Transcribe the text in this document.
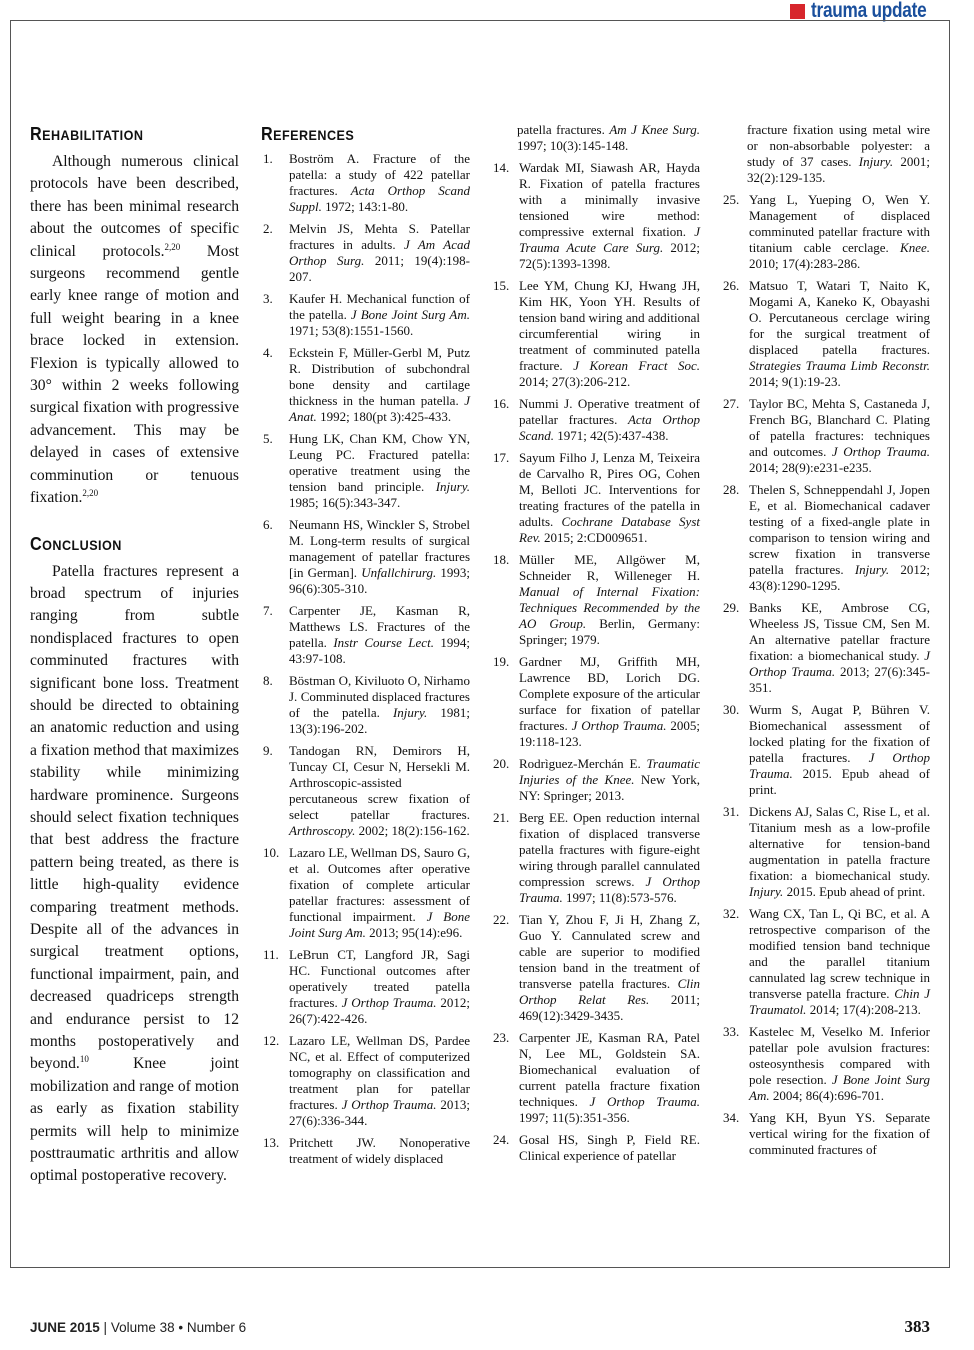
trauma update
REHABILITATION

Although numerous clinical protocols have been described, there has been minimal research about the outcomes of specific clinical protocols.$^{2,20}$ Most surgeons recommend gentle early knee range of motion and full weight bearing in a knee brace locked in extension. Flexion is typically allowed to 30° within 2 weeks following surgical fixation with progressive advancement. This may be delayed in cases of extensive comminution or tenuous fixation.$^{2,20}$

CONCLUSION

Patella fractures represent a broad spectrum of injuries ranging from subtle nondisplaced fractures to open comminuted fractures with significant bone loss. Treatment should be directed to obtaining an anatomic reduction and using a fixation method that maximizes stability while minimizing hardware prominence. Surgeons should select fixation techniques that best address the fracture pattern being treated, as there is little high-quality evidence comparing treatment methods. Despite all of the advances in surgical treatment options, functional impairment, pain, and decreased quadriceps strength and endurance persist to 12 months postoperatively and beyond.$^{10}$ Knee joint mobilization and range of motion as early as fixation stability permits will help to minimize posttraumatic arthritis and allow optimal postoperative recovery.

REFERENCES
1.	Boström A. Fracture of the patella: a study of 422 patellar fractures. Acta Orthop Scand Suppl. 1972; 143:1-80.
2.	Melvin JS, Mehta S. Patellar fractures in adults. J Am Acad Orthop Surg. 2011; 19(4):198-207.
3.	Kaufer H. Mechanical function of the patella. J Bone Joint Surg Am. 1971; 53(8):1551-1560.
4.	Eckstein F, Müller-Gerbl M, Putz R. Distribution of subchondral bone density and cartilage thickness in the human patella. J Anat. 1992; 180(pt 3):425-433.
5.	Hung LK, Chan KM, Chow YN, Leung PC. Fractured patella: operative treatment using the tension band principle. Injury. 1985; 16(5):343-347.
6.	Neumann HS, Winckler S, Strobel M. Long-term results of surgical management of patellar fractures [in German]. Unfallchirurg. 1993; 96(6):305-310.
7.	Carpenter JE, Kasman R, Matthews LS. Fractures of the patella. Instr Course Lect. 1994; 43:97-108.
8.	Böstman O, Kiviluoto O, Nirhamo J. Comminuted displaced fractures of the patella. Injury. 1981; 13(3):196-202.
9.	Tandogan RN, Demirors H, Tuncay CI, Cesur N, Hersekli M. Arthroscopic-assisted percutaneous screw fixation of select patellar fractures. Arthroscopy. 2002; 18(2):156-162.
10. Lazaro LE, Wellman DS, Sauro G, et al. Outcomes after operative fixation of complete articular patellar fractures: assessment of functional impairment. J Bone Joint Surg Am. 2013; 95(14):e96.
11. LeBrun CT, Langford JR, Sagi HC. Functional outcomes after operatively treated patella fractures. J Orthop Trauma. 2012; 26(7):422-426.
12. Lazaro LE, Wellman DS, Pardee NC, et al. Effect of computerized tomography on classification and treatment plan for patellar fractures. J Orthop Trauma. 2013; 27(6):336-344.
13. Pritchett JW. Nonoperative treatment of widely displaced
patella fractures. Am J Knee Surg. 1997; 10(3):145-148.
14. Wardak MI, Siawash AR, Hayda R. Fixation of patella fractures with a minimally invasive tensioned wire method: compressive external fixation. J Trauma Acute Care Surg. 2012; 72(5):1393-1398.
15. Lee YM, Chung KJ, Hwang JH, Kim HK, Yoon YH. Results of tension band wiring and additional circumferential wiring in treatment of comminuted patella fracture. J Korean Fract Soc. 2014; 27(3):206-212.
16. Nummi J. Operative treatment of patellar fractures. Acta Orthop Scand. 1971; 42(5):437-438.
17. Sayum Filho J, Lenza M, Teixeira de Carvalho R, Pires OG, Cohen M, Belloti JC. Interventions for treating fractures of the patella in adults. Cochrane Database Syst Rev. 2015; 2:CD009651.
18. Müller ME, Allgöwer M, Schneider R, Willeneger H. Manual of Internal Fixation: Techniques Recommended by the AO Group. Berlin, Germany: Springer; 1979.
19. Gardner MJ, Griffith MH, Lawrence BD, Lorich DG. Complete exposure of the articular surface for fixation of patellar fractures. J Orthop Trauma. 2005; 19:118-123.
20. Rodrìguez-Merchán E. Traumatic Injuries of the Knee. New York, NY: Springer; 2013.
21. Berg EE. Open reduction internal fixation of displaced transverse patella fractures with figure-eight wiring through parallel cannulated compression screws. J Orthop Trauma. 1997; 11(8):573-576.
22. Tian Y, Zhou F, Ji H, Zhang Z, Guo Y. Cannulated screw and cable are superior to modified tension band in the treatment of transverse patella fractures. Clin Orthop Relat Res. 2011; 469(12):3429-3435.
23. Carpenter JE, Kasman RA, Patel N, Lee ML, Goldstein SA. Biomechanical evaluation of current patella fracture fixation techniques. J Orthop Trauma. 1997; 11(5):351-356.
24. Gosal HS, Singh P, Field RE. Clinical experience of patellar
fracture fixation using metal wire or non-absorbable polyester: a study of 37 cases. Injury. 2001; 32(2):129-135.
25. Yang L, Yueping O, Wen Y. Management of displaced comminuted patellar fracture with titanium cable cerclage. Knee. 2010; 17(4):283-286.
26. Matsuo T, Watari T, Naito K, Mogami A, Kaneko K, Obayashi O. Percutaneous cerclage wiring for the surgical treatment of displaced patella fractures. Strategies Trauma Limb Reconstr. 2014; 9(1):19-23.
27. Taylor BC, Mehta S, Castaneda J, French BG, Blanchard C. Plating of patella fractures: techniques and outcomes. J Orthop Trauma. 2014; 28(9):e231-e235.
28. Thelen S, Schneppendahl J, Jopen E, et al. Biomechanical cadaver testing of a fixed-angle plate in comparison to tension wiring and screw fixation in transverse patella fractures. Injury. 2012; 43(8):1290-1295.
29. Banks KE, Ambrose CG, Wheeless JS, Tissue CM, Sen M. An alternative patellar fracture fixation: a biomechanical study. J Orthop Trauma. 2013; 27(6):345-351.
30. Wurm S, Augat P, Bühren V. Biomechanical assessment of locked plating for the fixation of patella fractures. J Orthop Trauma. 2015. Epub ahead of print.
31. Dickens AJ, Salas C, Rise L, et al. Titanium mesh as a low-profile alternative for tension-band augmentation in patella fracture fixation: a biomechanical study. Injury. 2015. Epub ahead of print.
32. Wang CX, Tan L, Qi BC, et al. A retrospective comparison of the modified tension band technique and the parallel titanium cannulated lag screw technique in transverse patella fracture. Chin J Traumatol. 2014; 17(4):208-213.
33. Kastelec M, Veselko M. Inferior patellar pole avulsion fractures: osteosynthesis compared with pole resection. J Bone Joint Surg Am. 2004; 86(4):696-701.
34. Yang KH, Byun YS. Separate vertical wiring for the fixation of comminuted fractures of
JUNE 2015 | Volume 38 • Number 6	383
